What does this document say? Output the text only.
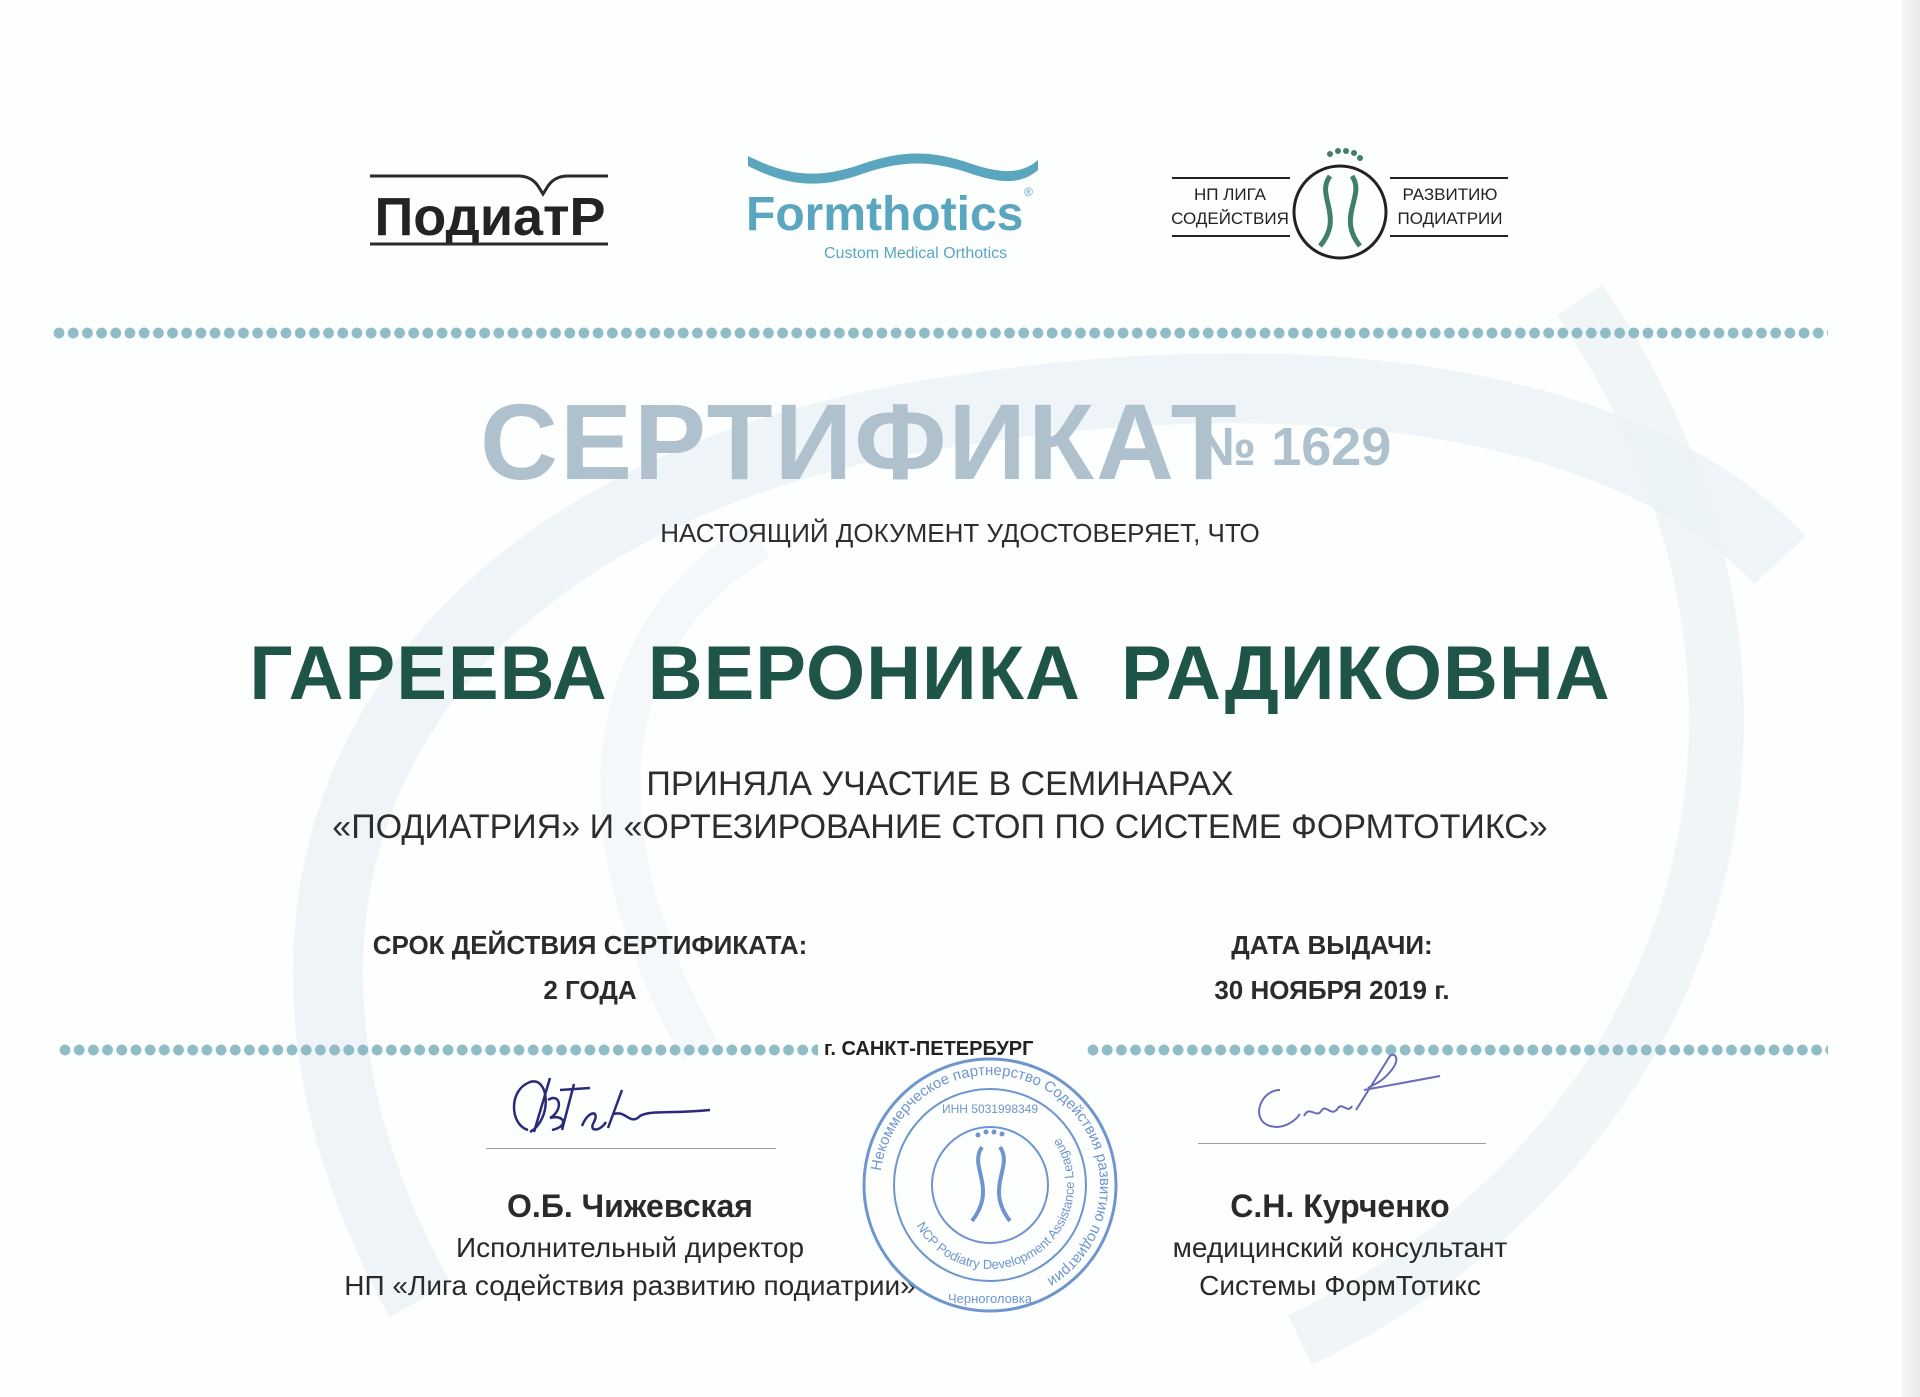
ПодиатР	Formthotics ®
Custom Medical Orthotics
НП ЛИГА
СОДЕЙСТВИЯ
РАЗВИТИЮ
ПОДИАТРИИ
СЕРТИФИКАТ
№ 1629
НАСТОЯЩИЙ ДОКУМЕНТ УДОСТОВЕРЯЕТ, ЧТО
ГАРЕЕВА ВЕРОНИКА РАДИКОВНА
ПРИНЯЛА УЧАСТИЕ В СЕМИНАРАХ
«ПОДИАТРИЯ» И «ОРТЕЗИРОВАНИЕ СТОП ПО СИСТЕМЕ ФОРМТОТИКС»
СРОК ДЕЙСТВИЯ СЕРТИФИКАТА:
2 ГОДА
ДАТА ВЫДАЧИ:
30 НОЯБРЯ 2019 г.
г. САНКТ-ПЕТЕРБУРГ
О.Б. Чижевская
Исполнительный директор
НП «Лига содействия развитию подиатрии»
С.Н. Курченко
медицинский консультант
Системы ФормТотикс
Некоммерческое партнерство Содействия развитию подиатрии
NCP Podiatry Development Assistance League
ИНН 5031998349
Черноголовка
